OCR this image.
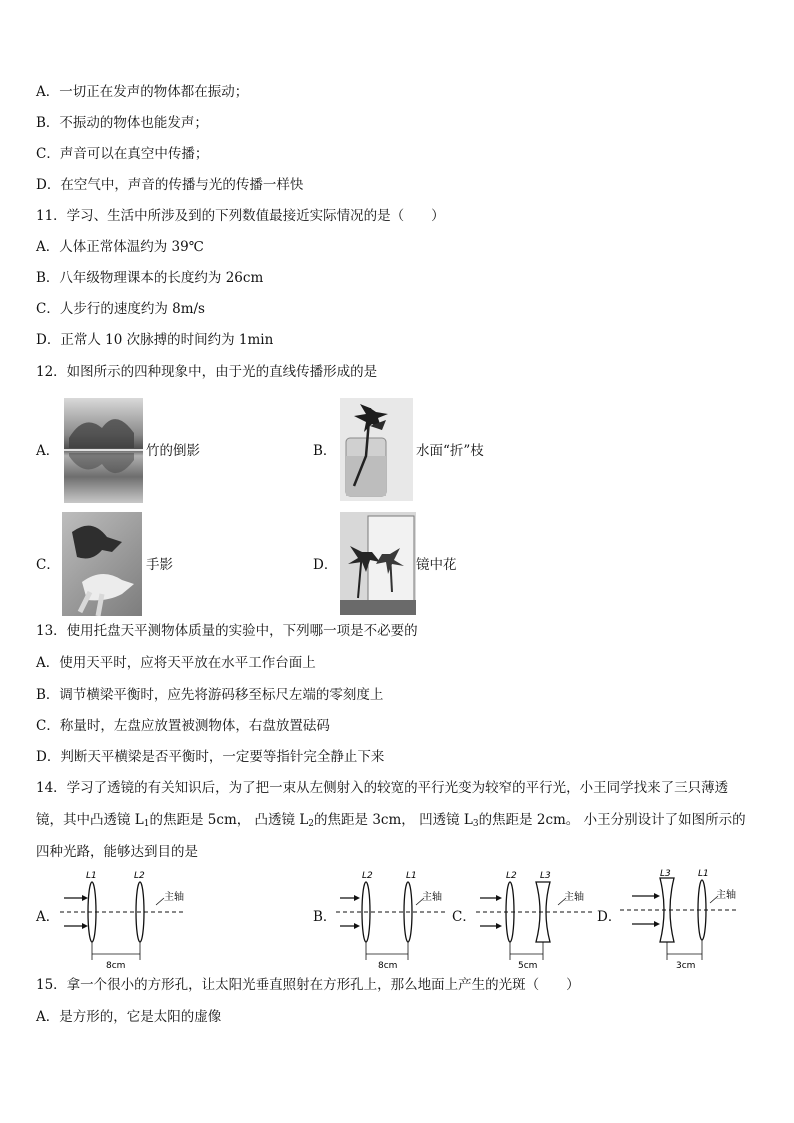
A．一切正在发声的物体都在振动；
B．不振动的物体也能发声；
C．声音可以在真空中传播；
D．在空气中，声音的传播与光的传播一样快
11．学习、生活中所涉及到的下列数值最接近实际情况的是（　　）
A．人体正常体温约为 39℃
B．八年级物理课本的长度约为 26cm
C．人步行的速度约为 8m/s
D．正常人 10 次脉搏的时间约为 1min
12．如图所示的四种现象中，由于光的直线传播形成的是
A．	竹的倒影	B．	水面“折”枝
C．	手影	D．	镜中花
13．使用托盘天平测物体质量的实验中，下列哪一项是不必要的
A．使用天平时，应将天平放在水平工作台面上
B．调节横梁平衡时，应先将游码移至标尺左端的零刻度上
C．称量时，左盘应放置被测物体，右盘放置砝码
D．判断天平横梁是否平衡时，一定要等指针完全静止下来
14．学习了透镜的有关知识后，为了把一束从左侧射入的较宽的平行光变为较窄的平行光，小王同学找来了三只薄透
镜，其中凸透镜 $L_1$的焦距是 5cm， 凸透镜 $L_2$的焦距是 3cm， 凹透镜 $L_3$的焦距是 2cm。 小王分别设计了如图所示的
四种光路，能够达到目的是
A．
L1	L2
主轴
8cm
B．
L2	L1
主轴
8cm
C．
L2	L3
主轴
5cm
D．
L3	L1
主轴
3cm
15．拿一个很小的方形孔，让太阳光垂直照射在方形孔上，那么地面上产生的光斑（　　）
A．是方形的，它是太阳的虚像
